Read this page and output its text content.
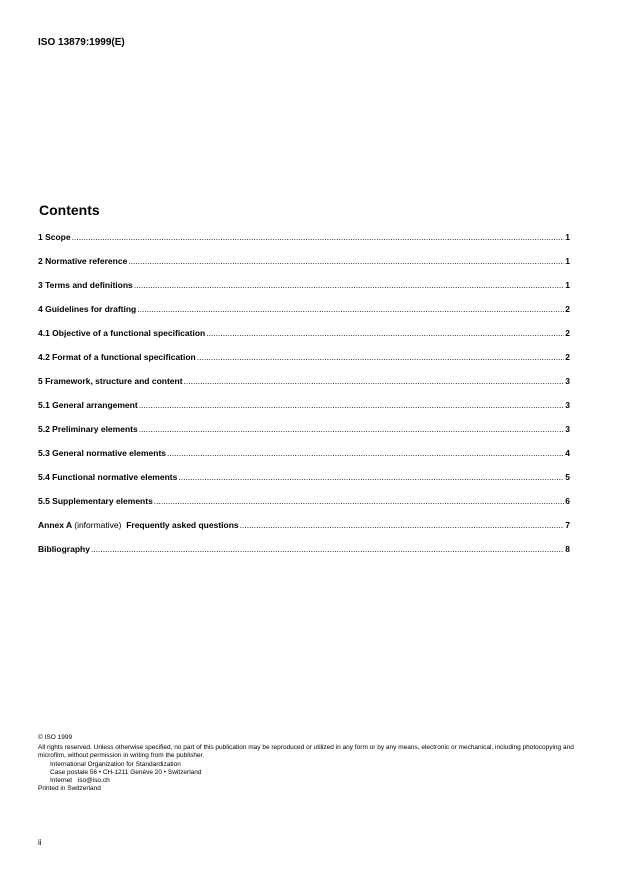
ISO 13879:1999(E)
Contents
1 Scope .....	1
2 Normative reference .....	1
3 Terms and definitions .....	1
4 Guidelines for drafting .....	2
4.1 Objective of a functional specification .....	2
4.2 Format of a functional specification .....	2
5 Framework, structure and content .....	3
5.1 General arrangement .....	3
5.2 Preliminary elements .....	3
5.3 General normative elements .....	4
5.4 Functional normative elements .....	5
5.5 Supplementary elements .....	6
Annex A (informative) Frequently asked questions .....	7
Bibliography .....	8
© ISO 1999
All rights reserved. Unless otherwise specified, no part of this publication may be reproduced or utilized in any form or by any means, electronic or mechanical, including photocopying and microfilm, without permission in writing from the publisher.
International Organization for Standardization
Case postale 56 • CH-1211 Genève 20 • Switzerland
Internet iso@iso.ch
Printed in Switzerland
ii
